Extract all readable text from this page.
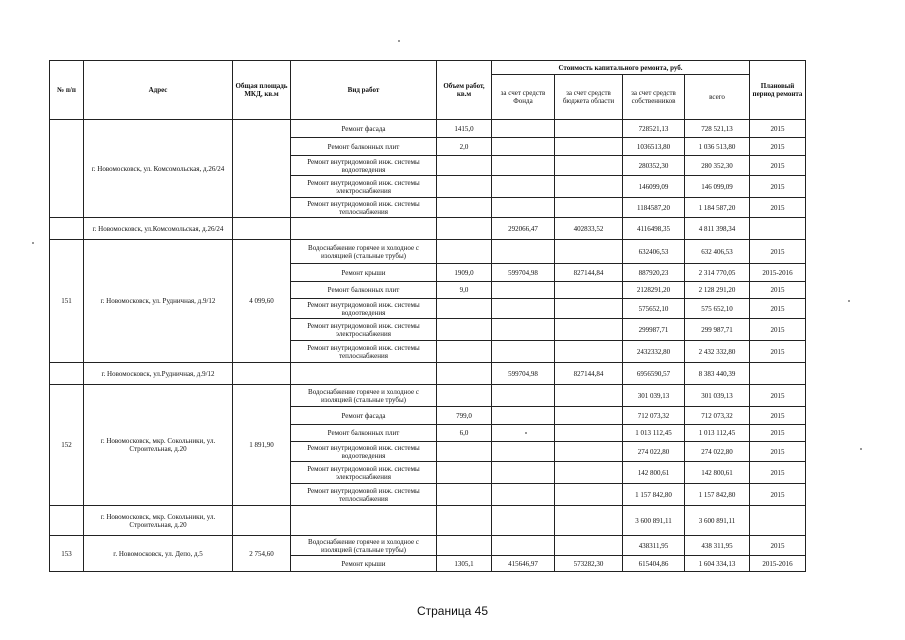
№ п/п	Адрес	Общая площадь МКД, кв.м	Вид работ	Объем работ, кв.м	Стоимость капитального ремонта, руб.				Плановый период ремонта
					за счет средств Фонда	за счет средств бюджета области	за счет средств собственников	всего	
	г. Новомосковск, ул. Комсомольская, д.26/24		Ремонт фасада	1415,0			728521,13	728 521,13	2015
			Ремонт балконных плит	2,0			1036513,80	1 036 513,80	2015
			Ремонт внутридомовой инж. системы водоотведения				280352,30	280 352,30	2015
			Ремонт внутридомовой инж. системы электроснабжения				146099,09	146 099,09	2015
			Ремонт внутридомовой инж. системы теплоснабжения				1184587,20	1 184 587,20	2015
	г. Новомосковск, ул.Комсомольская, д.26/24				292066,47	402833,52	4116498,35	4 811 398,34	
151	г. Новомосковск, ул. Рудничная, д.9/12	4 099,60	Водоснабжение горячее и холодное с изоляцией (стальные трубы)				632406,53	632 406,53	2015
			Ремонт крыши	1909,0	599704,98	827144,84	887920,23	2 314 770,05	2015-2016
			Ремонт балконных плит	9,0			2128291,20	2 128 291,20	2015
			Ремонт внутридомовой инж. системы водоотведения				575652,10	575 652,10	2015
			Ремонт внутридомовой инж. системы электроснабжения				299987,71	299 987,71	2015
			Ремонт внутридомовой инж. системы теплоснабжения				2432332,80	2 432 332,80	2015
	г. Новомосковск, ул.Рудничная, д.9/12				599704,98	827144,84	6956590,57	8 383 440,39	
152	г. Новомосковск, мкр. Сокольники, ул. Строительная, д.20	1 891,90	Водоснабжение горячее и холодное с изоляцией (стальные трубы)				301 039,13	301 039,13	2015
			Ремонт фасада	799,0			712 073,32	712 073,32	2015
			Ремонт балконных плит	6,0			1 013 112,45	1 013 112,45	2015
			Ремонт внутридомовой инж. системы водоотведения				274 022,80	274 022,80	2015
			Ремонт внутридомовой инж. системы электроснабжения				142 800,61	142 800,61	2015
			Ремонт внутридомовой инж. системы теплоснабжения				1 157 842,80	1 157 842,80	2015
	г. Новомосковск, мкр. Сокольники, ул. Строительная, д.20						3 600 891,11	3 600 891,11	
153	г. Новомосковск, ул. Депо, д.5	2 754,60	Водоснабжение горячее и холодное с изоляцией (стальные трубы)				438311,95	438 311,95	2015
			Ремонт крыши	1305,1	415646,97	573282,30	615404,86	1 604 334,13	2015-2016
Страница 45
